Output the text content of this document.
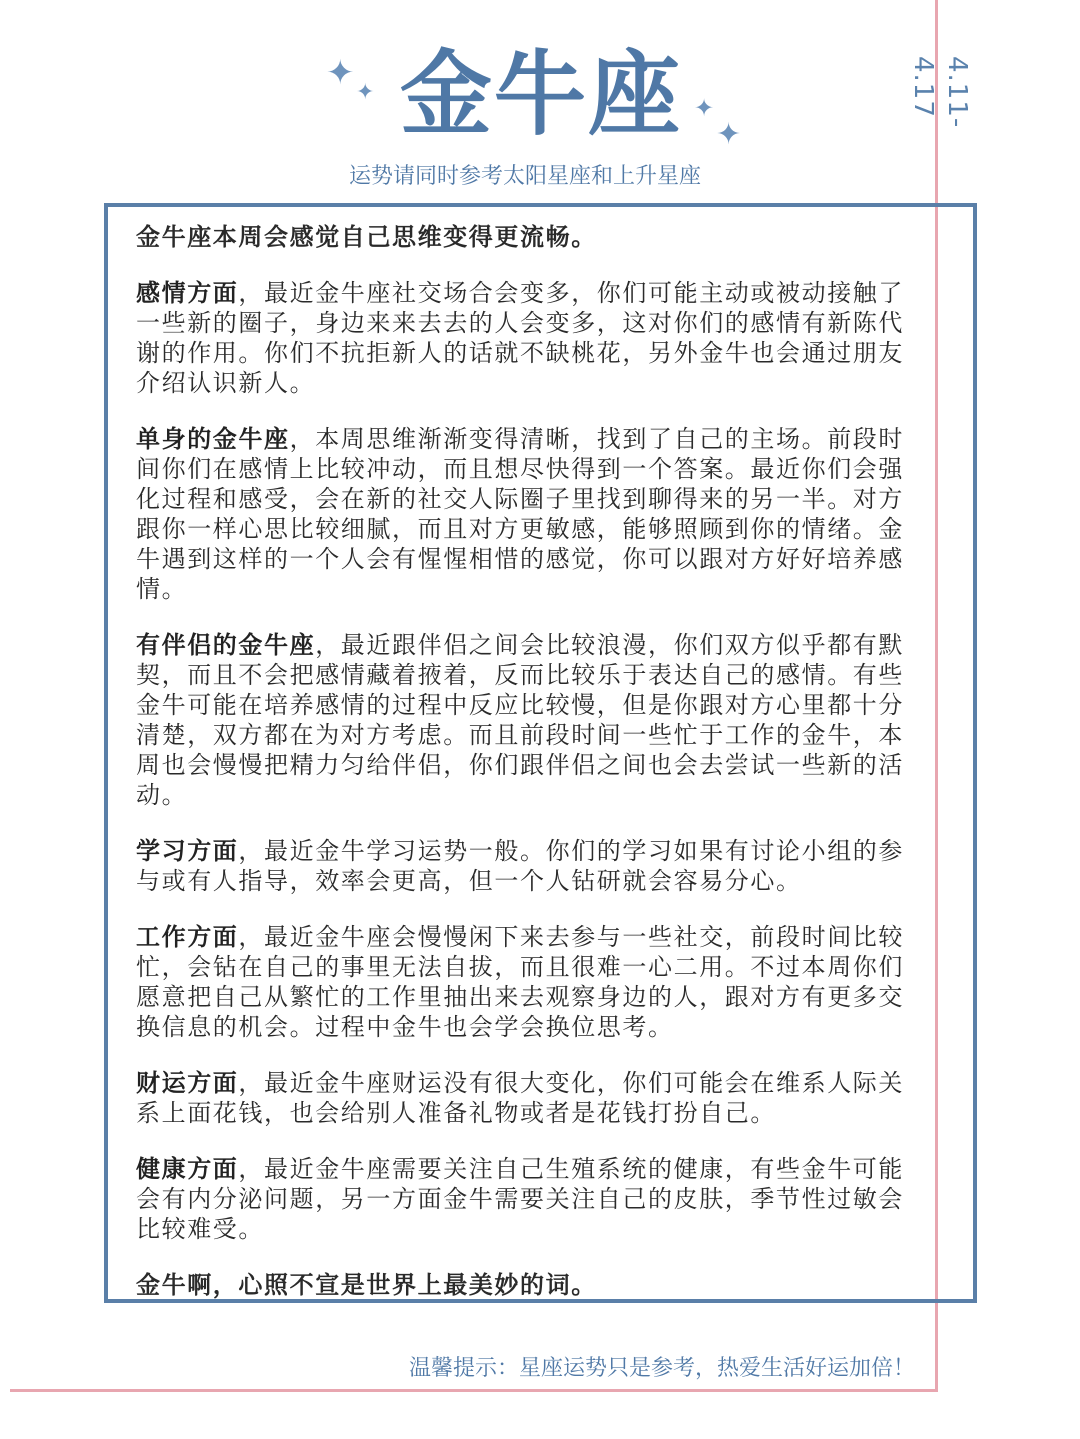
✦ ✦
✦
✦
金牛座
运势请同时参考太阳星座和上升星座
4.11-4.17

金牛座本周会感觉自己思维变得更流畅。

感情方面，最近金牛座社交场合会变多，你们可能主动或被动接触了一些新的圈子，身边来来去去的人会变多，这对你们的感情有新陈代谢的作用。你们不抗拒新人的话就不缺桃花，另外金牛也会通过朋友介绍认识新人。

单身的金牛座，本周思维渐渐变得清晰，找到了自己的主场。前段时间你们在感情上比较冲动，而且想尽快得到一个答案。最近你们会强化过程和感受，会在新的社交人际圈子里找到聊得来的另一半。对方跟你一样心思比较细腻，而且对方更敏感，能够照顾到你的情绪。金牛遇到这样的一个人会有惺惺相惜的感觉，你可以跟对方好好培养感情。

有伴侣的金牛座，最近跟伴侣之间会比较浪漫，你们双方似乎都有默契，而且不会把感情藏着掖着，反而比较乐于表达自己的感情。有些金牛可能在培养感情的过程中反应比较慢，但是你跟对方心里都十分清楚，双方都在为对方考虑。而且前段时间一些忙于工作的金牛，本周也会慢慢把精力匀给伴侣，你们跟伴侣之间也会去尝试一些新的活动。

学习方面，最近金牛学习运势一般。你们的学习如果有讨论小组的参与或有人指导，效率会更高，但一个人钻研就会容易分心。

工作方面，最近金牛座会慢慢闲下来去参与一些社交，前段时间比较忙，会钻在自己的事里无法自拔，而且很难一心二用。不过本周你们愿意把自己从繁忙的工作里抽出来去观察身边的人，跟对方有更多交换信息的机会。过程中金牛也会学会换位思考。

财运方面，最近金牛座财运没有很大变化，你们可能会在维系人际关系上面花钱，也会给别人准备礼物或者是花钱打扮自己。

健康方面，最近金牛座需要关注自己生殖系统的健康，有些金牛可能会有内分泌问题，另一方面金牛需要关注自己的皮肤，季节性过敏会比较难受。

金牛啊，心照不宣是世界上最美妙的词。

温馨提示：星座运势只是参考，热爱生活好运加倍！
